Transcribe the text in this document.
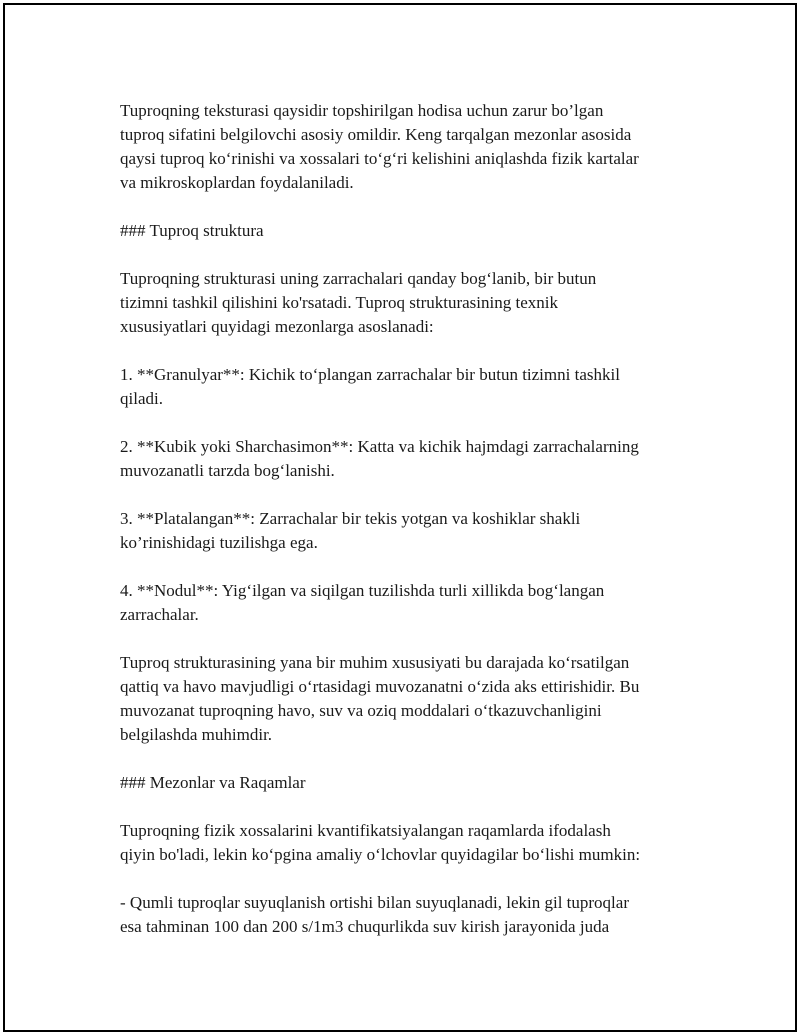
Tuproqning teksturasi qaysidir topshirilgan hodisa uchun zarur bo’lgan
tuproq sifatini belgilovchi asosiy omildir. Keng tarqalgan mezonlar asosida
qaysi tuproq ko‘rinishi va xossalari to‘g‘ri kelishini aniqlashda fizik kartalar
va mikroskoplardan foydalaniladi.

### Tuproq struktura

Tuproqning strukturasi uning zarrachalari qanday bog‘lanib, bir butun
tizimni tashkil qilishini ko'rsatadi. Tuproq strukturasining texnik
xususiyatlari quyidagi mezonlarga asoslanadi:

1. **Granulyar**: Kichik to‘plangan zarrachalar bir butun tizimni tashkil
qiladi.

2. **Kubik yoki Sharchasimon**: Katta va kichik hajmdagi zarrachalarning
muvozanatli tarzda bog‘lanishi.

3. **Platalangan**: Zarrachalar bir tekis yotgan va koshiklar shakli
ko’rinishidagi tuzilishga ega.

4. **Nodul**: Yig‘ilgan va siqilgan tuzilishda turli xillikda bog‘langan
zarrachalar.

Tuproq strukturasining yana bir muhim xususiyati bu darajada ko‘rsatilgan
qattiq va havo mavjudligi o‘rtasidagi muvozanatni o‘zida aks ettirishidir. Bu
muvozanat tuproqning havo, suv va oziq moddalari o‘tkazuvchanligini
belgilashda muhimdir.

### Mezonlar va Raqamlar

Tuproqning fizik xossalarini kvantifikatsiyalangan raqamlarda ifodalash
qiyin bo'ladi, lekin ko‘pgina amaliy o‘lchovlar quyidagilar bo‘lishi mumkin:

- Qumli tuproqlar suyuqlanish ortishi bilan suyuqlanadi, lekin gil tuproqlar
esa tahminan 100 dan 200 s/1m3 chuqurlikda suv kirish jarayonida juda
